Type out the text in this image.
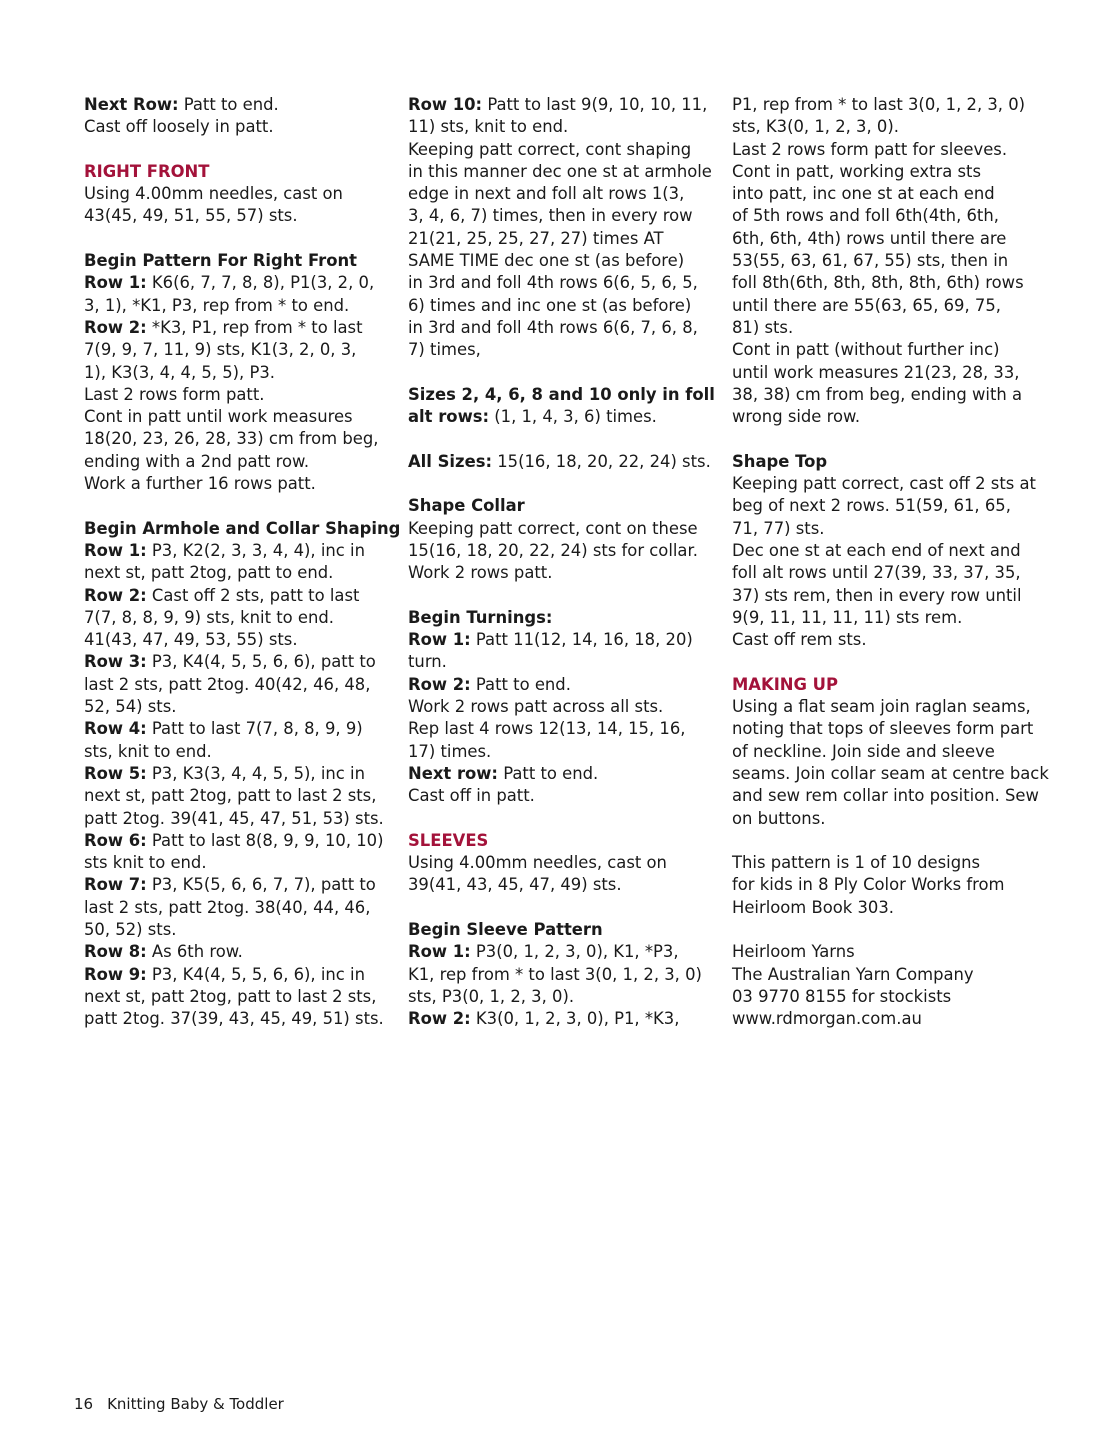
Next Row: Patt to end.
Cast off loosely in patt.
RIGHT FRONT
Using 4.00mm needles, cast on
43(45, 49, 51, 55, 57) sts.
Begin Pattern For Right Front
Row 1: K6(6, 7, 7, 8, 8), P1(3, 2, 0,
3, 1), *K1, P3, rep from * to end.
Row 2: *K3, P1, rep from * to last
7(9, 9, 7, 11, 9) sts, K1(3, 2, 0, 3,
1), K3(3, 4, 4, 5, 5), P3.
Last 2 rows form patt.
Cont in patt until work measures
18(20, 23, 26, 28, 33) cm from beg,
ending with a 2nd patt row.
Work a further 16 rows patt.
Begin Armhole and Collar Shaping
Row 1: P3, K2(2, 3, 3, 4, 4), inc in
next st, patt 2tog, patt to end.
Row 2: Cast off 2 sts, patt to last
7(7, 8, 8, 9, 9) sts, knit to end.
41(43, 47, 49, 53, 55) sts.
Row 3: P3, K4(4, 5, 5, 6, 6), patt to
last 2 sts, patt 2tog. 40(42, 46, 48,
52, 54) sts.
Row 4: Patt to last 7(7, 8, 8, 9, 9)
sts, knit to end.
Row 5: P3, K3(3, 4, 4, 5, 5), inc in
next st, patt 2tog, patt to last 2 sts,
patt 2tog. 39(41, 45, 47, 51, 53) sts.
Row 6: Patt to last 8(8, 9, 9, 10, 10)
sts knit to end.
Row 7: P3, K5(5, 6, 6, 7, 7), patt to
last 2 sts, patt 2tog. 38(40, 44, 46,
50, 52) sts.
Row 8: As 6th row.
Row 9: P3, K4(4, 5, 5, 6, 6), inc in
next st, patt 2tog, patt to last 2 sts,
patt 2tog. 37(39, 43, 45, 49, 51) sts.
Row 10: Patt to last 9(9, 10, 10, 11,
11) sts, knit to end.
Keeping patt correct, cont shaping
in this manner dec one st at armhole
edge in next and foll alt rows 1(3,
3, 4, 6, 7) times, then in every row
21(21, 25, 25, 27, 27) times AT
SAME TIME dec one st (as before)
in 3rd and foll 4th rows 6(6, 5, 6, 5,
6) times and inc one st (as before)
in 3rd and foll 4th rows 6(6, 7, 6, 8,
7) times,
Sizes 2, 4, 6, 8 and 10 only in foll
alt rows: (1, 1, 4, 3, 6) times.
All Sizes: 15(16, 18, 20, 22, 24) sts.
Shape Collar
Keeping patt correct, cont on these
15(16, 18, 20, 22, 24) sts for collar.
Work 2 rows patt.
Begin Turnings:
Row 1: Patt 11(12, 14, 16, 18, 20)
turn.
Row 2: Patt to end.
Work 2 rows patt across all sts.
Rep last 4 rows 12(13, 14, 15, 16,
17) times.
Next row: Patt to end.
Cast off in patt.
SLEEVES
Using 4.00mm needles, cast on
39(41, 43, 45, 47, 49) sts.
Begin Sleeve Pattern
Row 1: P3(0, 1, 2, 3, 0), K1, *P3,
K1, rep from * to last 3(0, 1, 2, 3, 0)
sts, P3(0, 1, 2, 3, 0).
Row 2: K3(0, 1, 2, 3, 0), P1, *K3,
P1, rep from * to last 3(0, 1, 2, 3, 0)
sts, K3(0, 1, 2, 3, 0).
Last 2 rows form patt for sleeves.
Cont in patt, working extra sts
into patt, inc one st at each end
of 5th rows and foll 6th(4th, 6th,
6th, 6th, 4th) rows until there are
53(55, 63, 61, 67, 55) sts, then in
foll 8th(6th, 8th, 8th, 8th, 6th) rows
until there are 55(63, 65, 69, 75,
81) sts.
Cont in patt (without further inc)
until work measures 21(23, 28, 33,
38, 38) cm from beg, ending with a
wrong side row.
Shape Top
Keeping patt correct, cast off 2 sts at
beg of next 2 rows. 51(59, 61, 65,
71, 77) sts.
Dec one st at each end of next and
foll alt rows until 27(39, 33, 37, 35,
37) sts rem, then in every row until
9(9, 11, 11, 11, 11) sts rem.
Cast off rem sts.
MAKING UP
Using a flat seam join raglan seams,
noting that tops of sleeves form part
of neckline. Join side and sleeve
seams. Join collar seam at centre back
and sew rem collar into position. Sew
on buttons.
This pattern is 1 of 10 designs
for kids in 8 Ply Color Works from
Heirloom Book 303.
Heirloom Yarns
The Australian Yarn Company
03 9770 8155 for stockists
www.rdmorgan.com.au
16 Knitting Baby & Toddler
